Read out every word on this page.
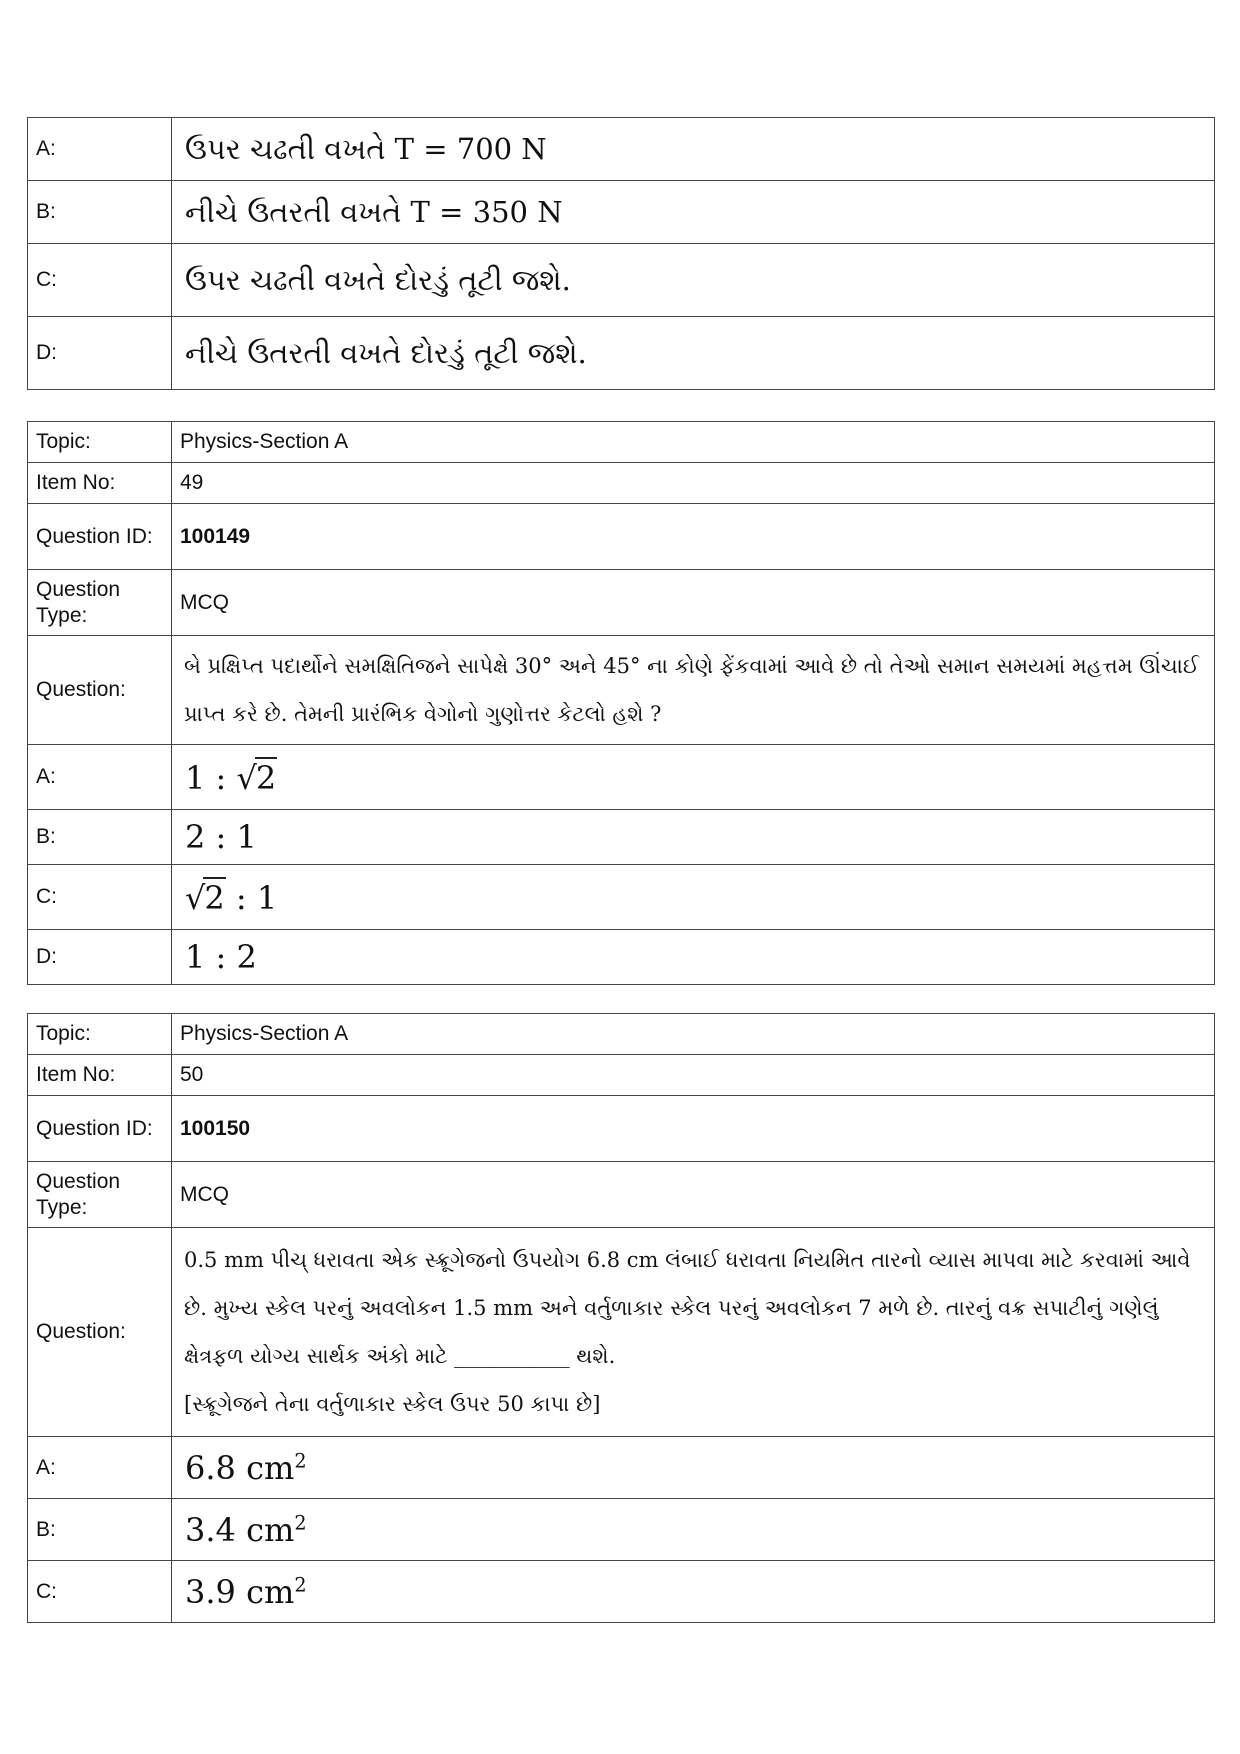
A:	ઉપર ચઢતી વખતે T = 700 N
B:	નીચે ઉતરતી વખતે T = 350 N
C:	ઉપર ચઢતી વખતે દોરડું તૂટી જશે.
D:	નીચે ઉતરતી વખતે દોરડું તૂટી જશે.
Topic:	Physics-Section A
Item No:	49
Question ID:	100149
Question Type:	MCQ
Question:	બે પ્રક્ષિપ્ત પદાર્થોને સમક્ષિતિજને સાપેક્ષે 30° અને 45° ના કોણે ફેંકવામાં આવે છે તો તેઓ સમાન સમયમાં મહત્તમ ઊંચાઈ પ્રાપ્ત કરે છે. તેમની પ્રારંભિક વેગોનો ગુણોત્તર કેટલો હશે ?
A:	1 : √2
B:	2 : 1
C:	√2 : 1
D:	1 : 2
Topic:	Physics-Section A
Item No:	50
Question ID:	100150
Question Type:	MCQ
Question:	0.5 mm પીચ્ ધરાવતા એક સ્ક્રૂગેજનો ઉપયોગ 6.8 cm લંબાઈ ધરાવતા નિયમિત તારનો વ્યાસ માપવા માટે કરવામાં આવે છે. મુખ્ય સ્કેલ પરનું અવલોકન 1.5 mm અને વર્તુળાકાર સ્કેલ પરનું અવલોકન 7 મળે છે. તારનું વક્ર સપાટીનું ગણેલું ક્ષેત્રફળ યોગ્ય સાર્થક અંકો માટે ___________ થશે.
[સ્ક્રૂગેજને તેના વર્તુળાકાર સ્કેલ ઉપર 50 કાપા છે]

A:	6.8 $cm^2$
B:	3.4 $cm^2$
C:	3.9 $cm^2$
